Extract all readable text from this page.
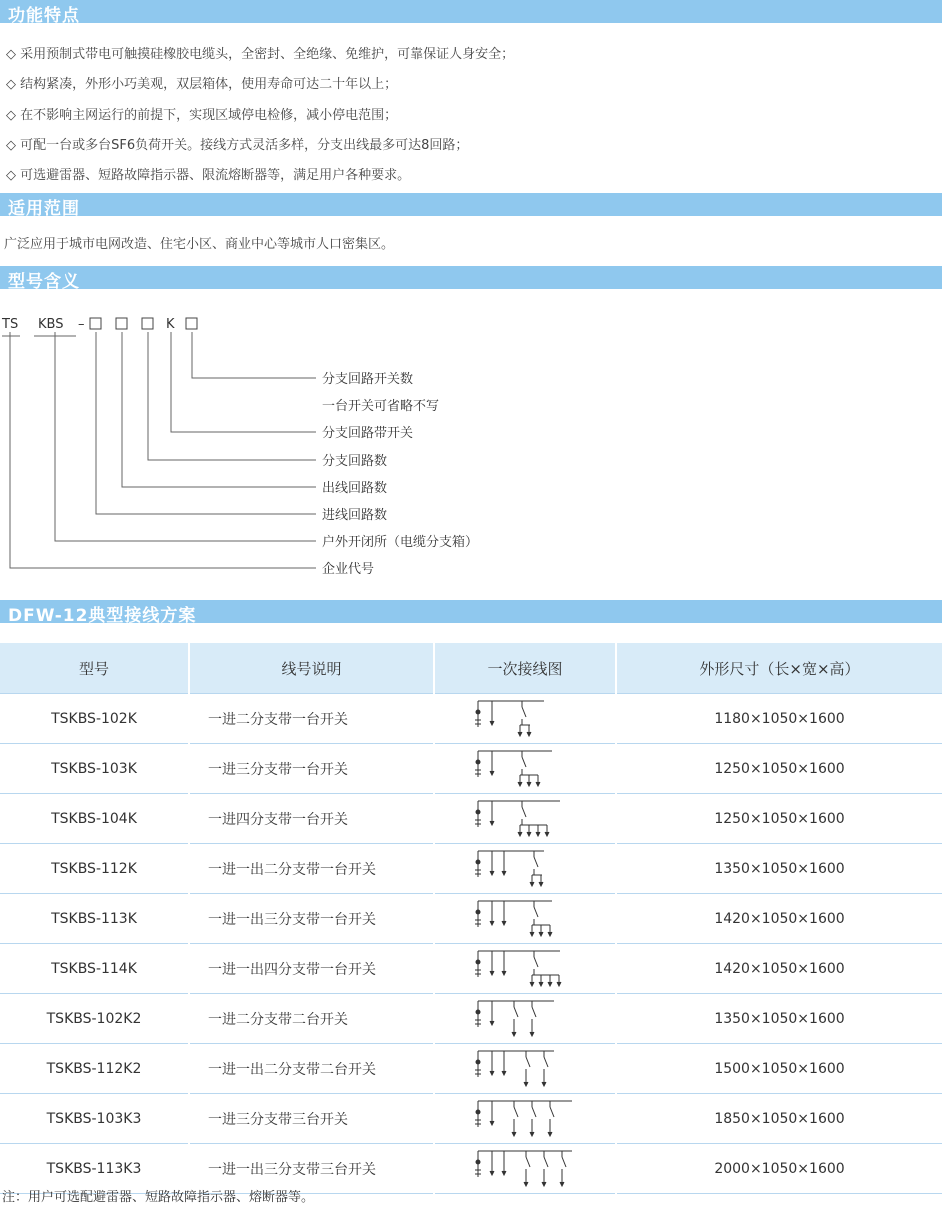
功能特点
◇ 采用预制式带电可触摸硅橡胶电缆头，全密封、全绝缘、免维护，可靠保证人身安全；
◇ 结构紧凑，外形小巧美观，双层箱体，使用寿命可达二十年以上；
◇ 在不影响主网运行的前提下，实现区域停电检修，减小停电范围；
◇ 可配一台或多台SF6负荷开关。接线方式灵活多样，分支出线最多可达8回路；
◇ 可选避雷器、短路故障指示器、限流熔断器等，满足用户各种要求。
适用范围
广泛应用于城市电网改造、住宅小区、商业中心等城市人口密集区。
型号含义
TS KBS –	K
分支回路开关数
一台开关可省略不写
分支回路带开关
分支回路数
出线回路数
进线回路数
户外开闭所（电缆分支箱）
企业代号
DFW-12典型接线方案
型号	线号说明	一次接线图	外形尺寸（长×宽×高）
TSKBS-102K	一进二分支带一台开关		1180×1050×1600
TSKBS-103K	一进三分支带一台开关		1250×1050×1600
TSKBS-104K	一进四分支带一台开关		1250×1050×1600
TSKBS-112K	一进一出二分支带一台开关		1350×1050×1600
TSKBS-113K	一进一出三分支带一台开关		1420×1050×1600
TSKBS-114K	一进一出四分支带一台开关		1420×1050×1600
TSKBS-102K2	一进二分支带二台开关		1350×1050×1600
TSKBS-112K2	一进一出二分支带二台开关		1500×1050×1600
TSKBS-103K3	一进三分支带三台开关		1850×1050×1600
TSKBS-113K3	一进一出三分支带三台开关		2000×1050×1600
注：用户可选配避雷器、短路故障指示器、熔断器等。
